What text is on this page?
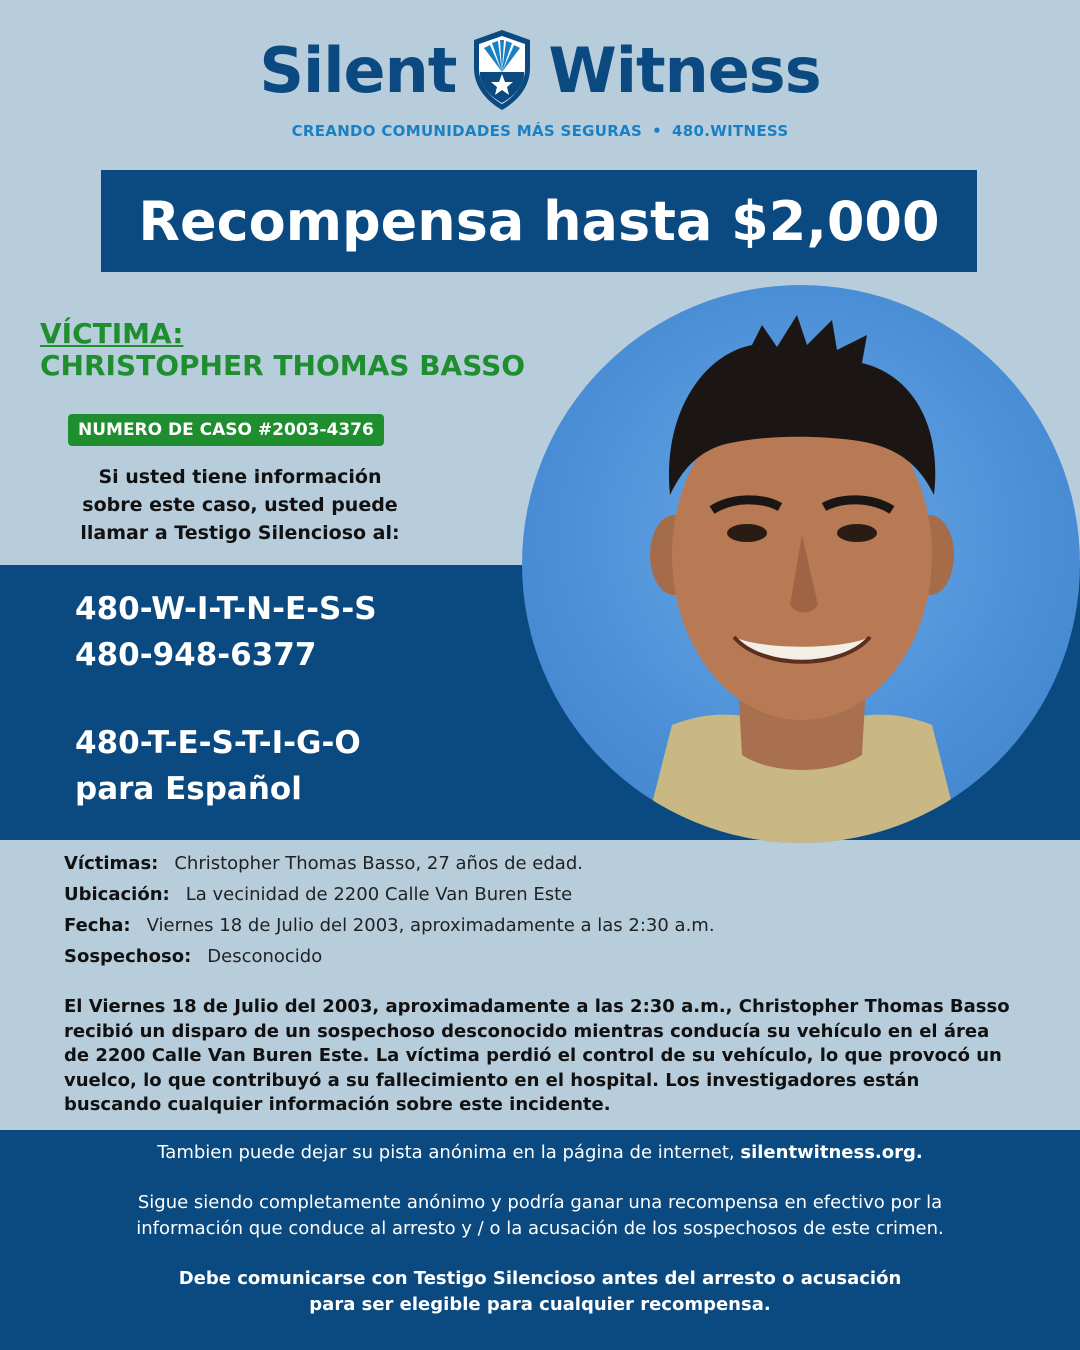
Silent Witness
CREANDO COMUNIDADES MÁS SEGURAS • 480.WITNESS
Recompensa hasta $2,000
VÍCTIMA:
CHRISTOPHER THOMAS BASSO
NUMERO DE CASO #2003-4376
Si usted tiene información
sobre este caso, usted puede
llamar a Testigo Silencioso al:
480-W-I-T-N-E-S-S
480-948-6377
480-T-E-S-T-I-G-O
para Español
Víctimas: Christopher Thomas Basso, 27 años de edad.
Ubicación: La vecinidad de 2200 Calle Van Buren Este
Fecha: Viernes 18 de Julio del 2003, aproximadamente a las 2:30 a.m.
Sospechoso: Desconocido
El Viernes 18 de Julio del 2003, aproximadamente a las 2:30 a.m., Christopher Thomas Basso
recibió un disparo de un sospechoso desconocido mientras conducía su vehículo en el área
de 2200 Calle Van Buren Este. La víctima perdió el control de su vehículo, lo que provocó un
vuelco, lo que contribuyó a su fallecimiento en el hospital. Los investigadores están
buscando cualquier información sobre este incidente.
Tambien puede dejar su pista anónima en la página de internet, silentwitness.org.
Sigue siendo completamente anónimo y podría ganar una recompensa en efectivo por la
información que conduce al arresto y / o la acusación de los sospechosos de este crimen.
Debe comunicarse con Testigo Silencioso antes del arresto o acusación
para ser elegible para cualquier recompensa.
